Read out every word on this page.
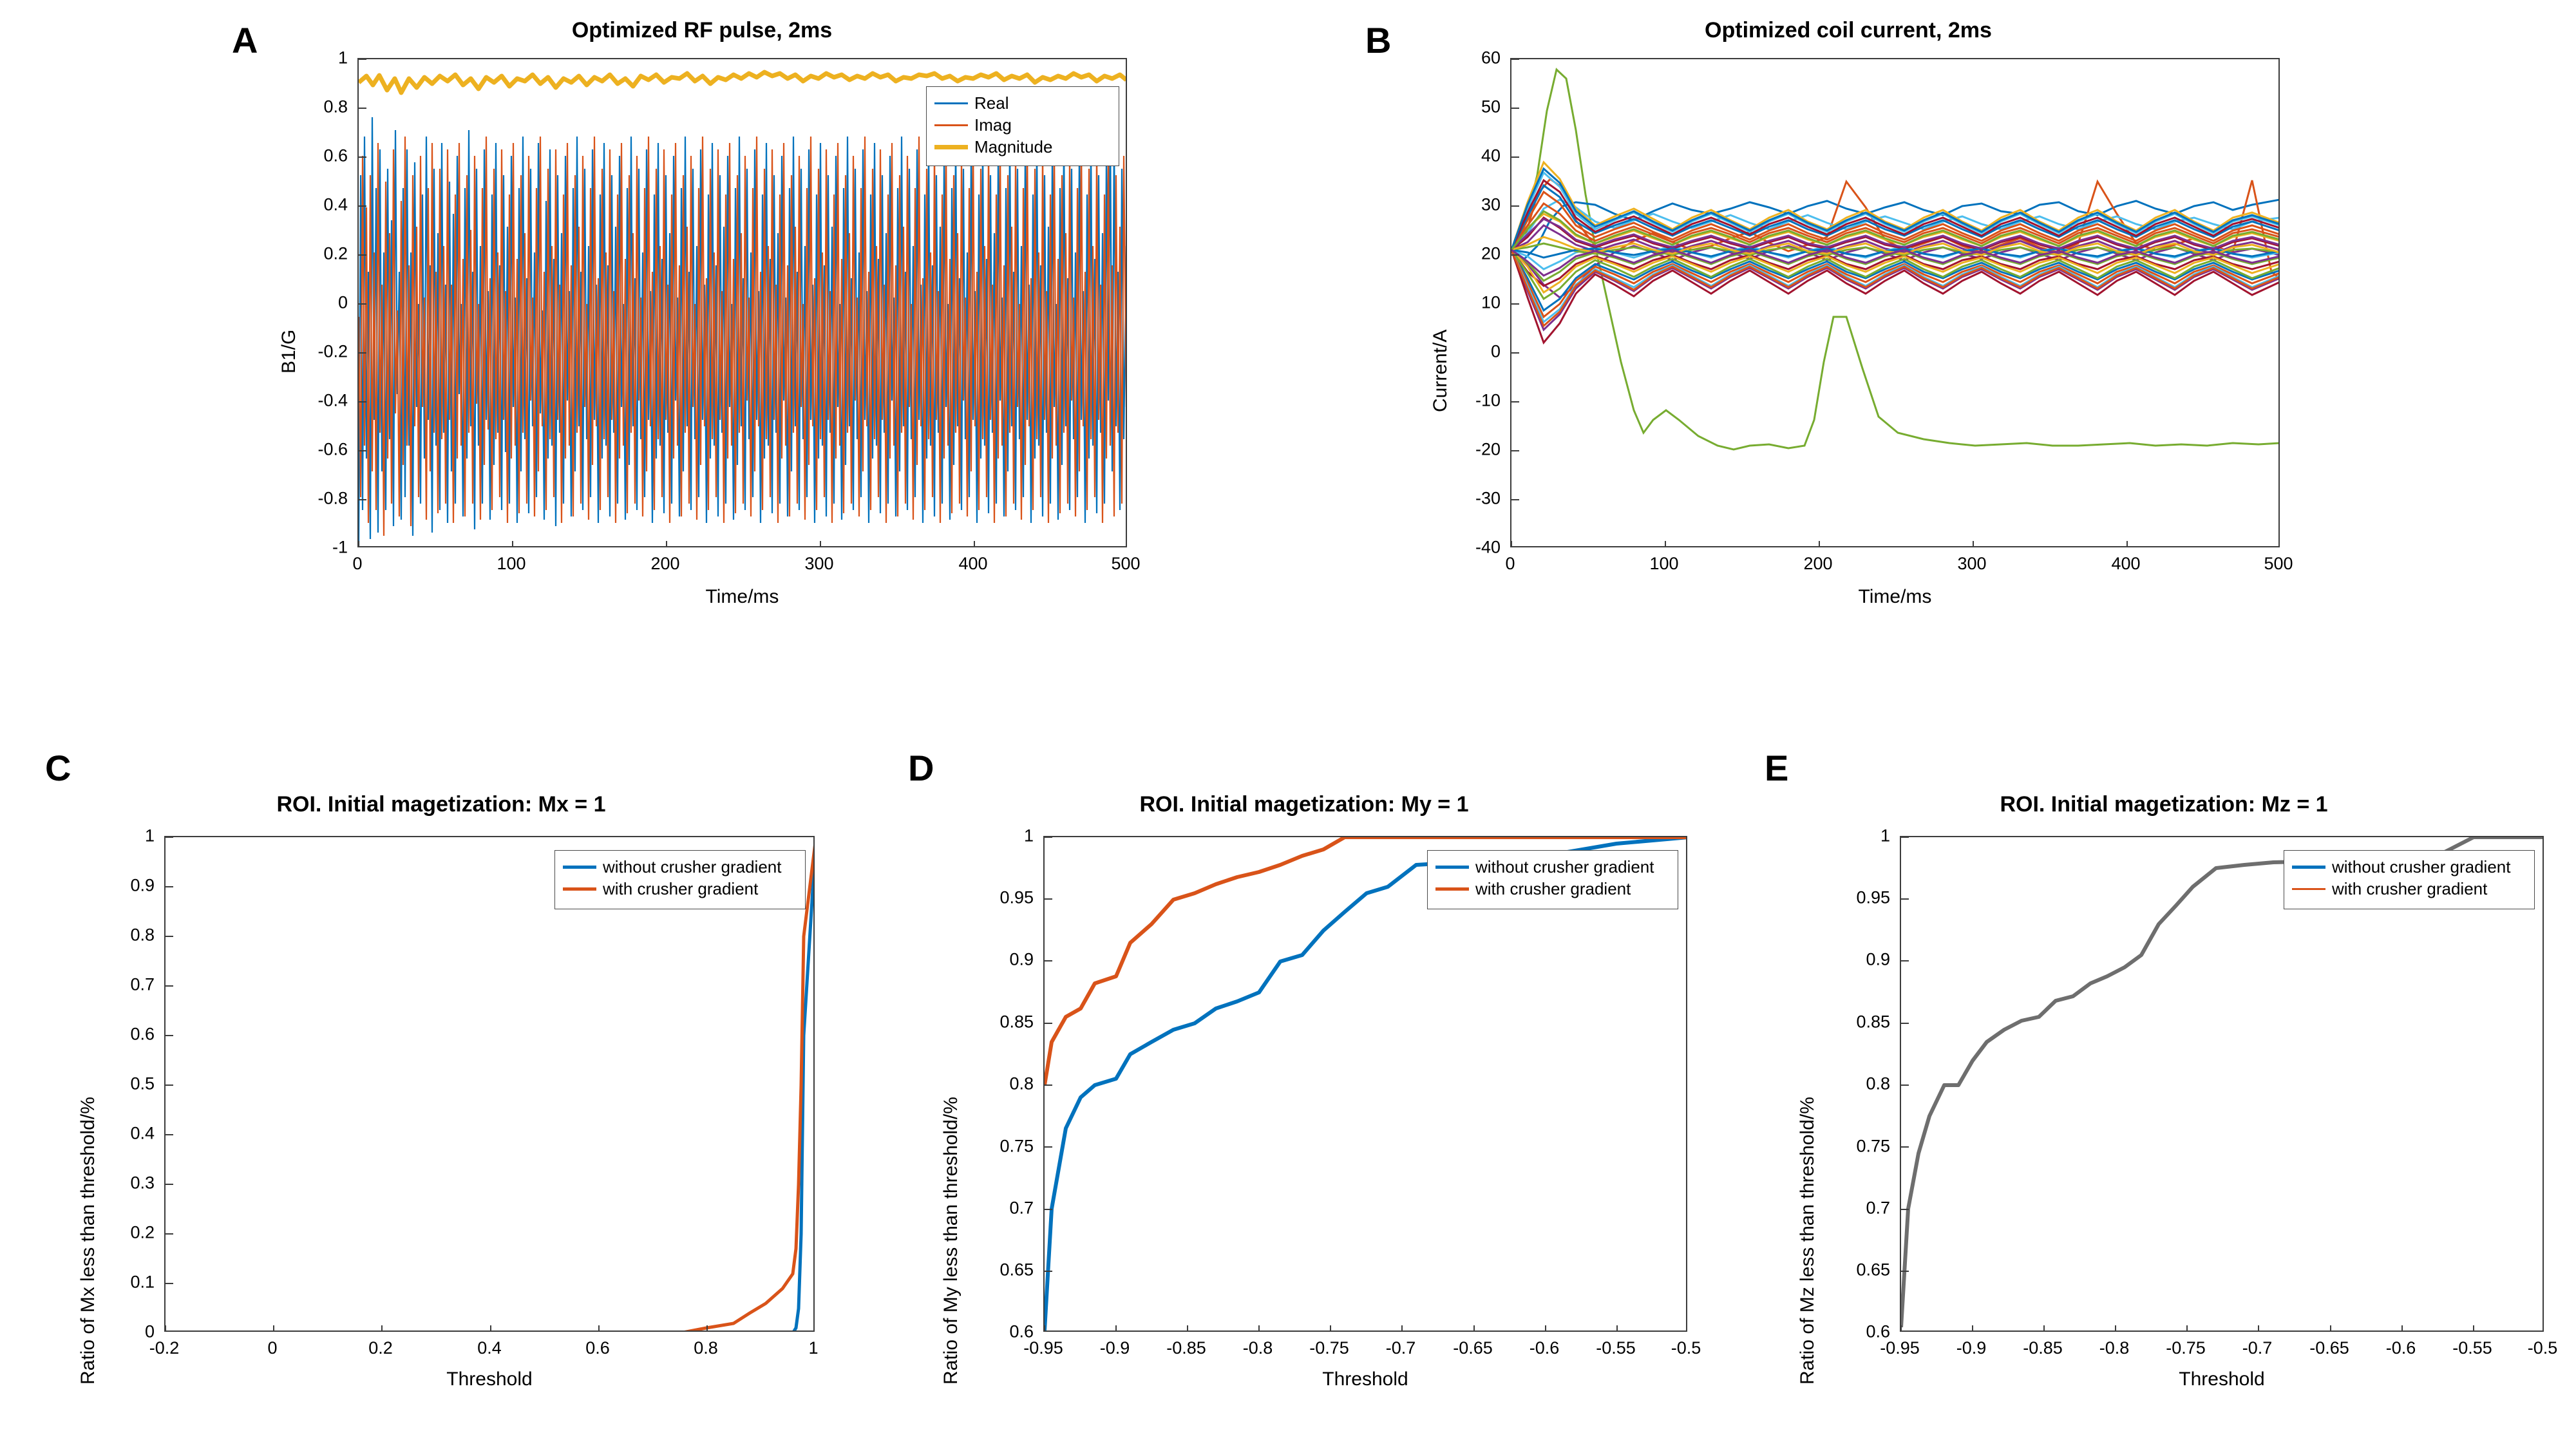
A	Optimized RF pulse, 2ms
B1/G
1
0.8
0.6
0.4
0.2
0
-0.2
-0.4
-0.6
-0.8
-1
Real
Imag
Magnitude
0	100	200	300	400	500
Time/ms
B	Optimized coil current, 2ms
Current/A
60
50
40
30
20
10
0
-10
-20
-30
-40
0	100	200	300	400	500
Time/ms
C
ROI. Initial magetization: Mx = 1
Ratio of Mx less than threshold/%
1
0.9
0.8
0.7
0.6
0.5
0.4
0.3
0.2
0.1
0
without crusher gradient
with crusher gradient
-0.2	0	0.2	0.4	0.6	0.8	1
Threshold
D
ROI. Initial magetization: My = 1
Ratio of My less than threshold/%
1
0.95
0.9
0.85
0.8
0.75
0.7
0.65
0.6
without crusher gradient
with crusher gradient
-0.95 -0.9 -0.85 -0.8 -0.75 -0.7 -0.65 -0.6 -0.55 -0.5
Threshold
E
ROI. Initial magetization: Mz = 1
Ratio of Mz less than threshold/%
1
0.95
0.9
0.85
0.8
0.75
0.7
0.65
0.6
without crusher gradient
with crusher gradient
-0.95 -0.9 -0.85 -0.8 -0.75 -0.7 -0.65 -0.6 -0.55 -0.5
Threshold
